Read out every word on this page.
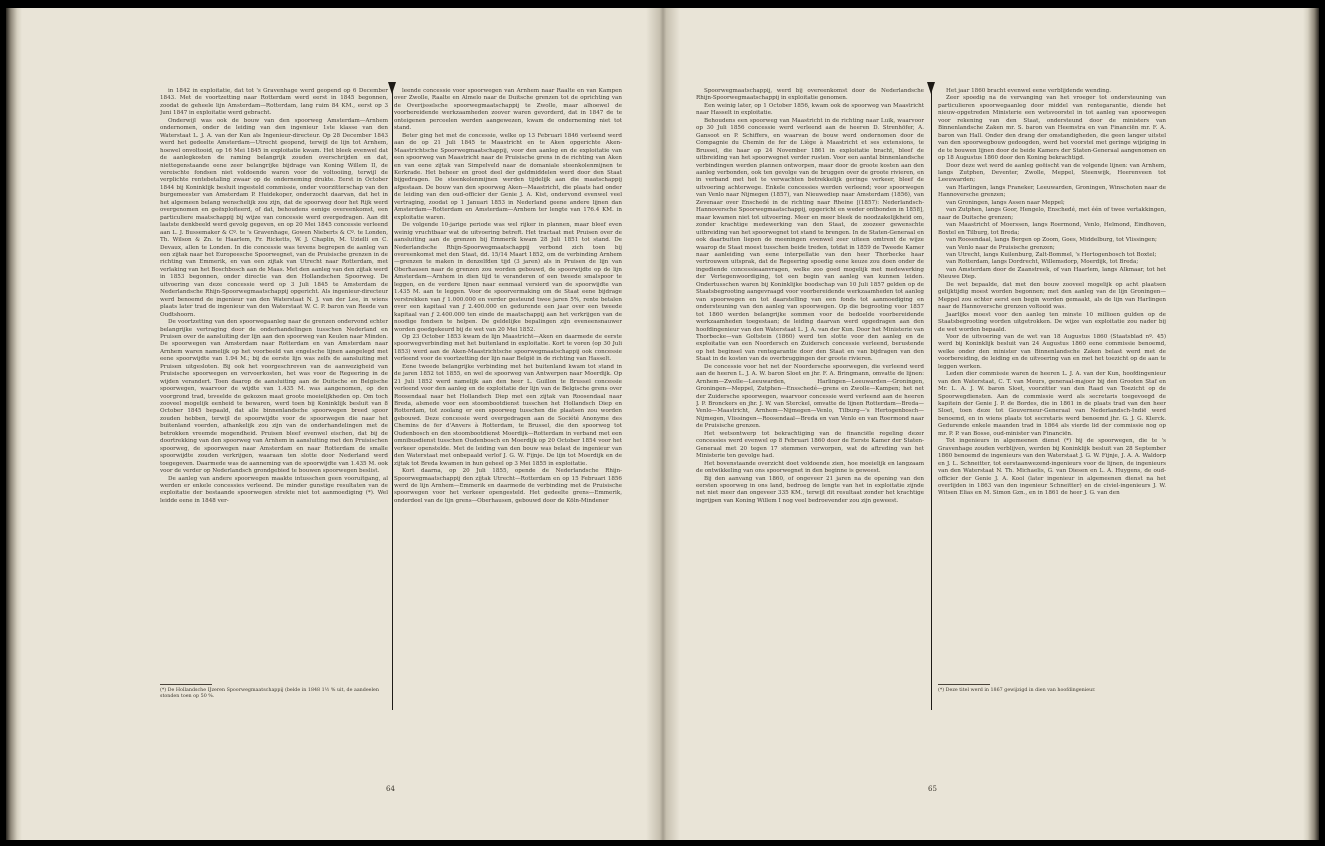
in 1842 in exploitatie, dat tot 's Gravenhage werd geopend op 6 December 1843. Met de voortzetting naar Rotterdam werd eerst in 1845 begonnen, zoodat de geheele lijn Amsterdam—Rotterdam, lang ruim 84 KM., eerst op 3 Juni 1847 in exploitatie werd gebracht.

Onderwijl was ook de bouw van den spoorweg Amsterdam—Arnhem ondernomen, onder de leiding van den ingenieur 1ste klasse van den Waterstaat L. J. A. van der Kun als Ingenieur-directeur. Op 28 December 1843 werd het gedeelte Amsterdam—Utrecht geopend, terwijl de lijn tot Arnhem, hoewel onvoltooid, op 16 Mei 1845 in exploitatie kwam. Het bleek evenwel dat de aanlegkosten de raming belangrijk zouden overschrijden en dat, niettegenstaande eene zeer belangrijke bijdrage van Koning Willem II, de vereischte fondsen niet voldoende waren voor de voltooiing, terwijl de verplichte rentebetaling zwaar op de onderneming drukte. Eerst in October 1844 bij Koninklijk besluit ingesteld commissie, onder voorzitterschap van den burgemeester van Amsterdam P. Huidekoper, onderzocht daarvan, dat het in het algemeen belang wenschelijk zou zijn, dat de spoorweg door het Rijk werd overgenomen en geëxploiteerd, of dat, behoudens eenige overeenkomst, een particuliere maatschappij bij wijze van concessie werd overgedragen. Aan dit laatste denkbeeld werd gevolg gegeven, en op 20 Mei 1845 concessie verleend aan L. J. Bussemaker & Cº. te 's Gravenhage, Gowen Nieberts & Cº. te Londen, Th. Wilson & Zn. te Haarlem, Fr. Ricketts, W. J. Chaplin, M. Uzielli en C. Devaux, allen te Londen. In die concessie was tevens begrepen de aanleg van een zijtak naar het Europeesche Spoorwegnet, van de Pruisische grenzen in de richting van Emmerik, en van een zijtak van Utrecht naar Rotterdam, met verlaking van het Boschbosch aan de Maas. Met den aanleg van den zijtak werd in 1853 begonnen, onder directie van den Hollandschen Spoorweg. De uitvoering van deze concessie werd op 3 Juli 1845 te Amsterdam de Nederlandsche Rhijn-Spoorwegmaatschappij opgericht. Als ingenieur-directeur werd benoemd de ingenieur van den Waterstaat N. J. van der Lee, in wiens plaats later trad de ingenieur van den Waterstaat W. C. P. baron van Reede van Oudtshoorn.

De voortzetting van den spoorwegaanleg naar de grenzen ondervond echter belangrijke vertraging door de onderhandelingen tusschen Nederland en Pruisen over de aansluiting der lijn aan den spoorweg van Keulen naar Minden. De spoorwegen van Amsterdam naar Rotterdam en van Amsterdam naar Arnhem waren namelijk op het voorbeeld van engelsche lijnen aangelegd met eene spoorwijdte van 1.94 M.; bij de eerste lijn was zelfs de aansluiting met Pruisen uitgesloten. Bij ook het voorgeschreven van de aanwezigheid van Pruisische spoorwegen en vervoerkosten, het was voor de Regeering in de wijden verandert. Toen daarop de aansluiting aan de Duitsche en Belgische spoorwegen, waarvoor de wijdte van 1.435 M. was aangenomen, op den voorgrond trad, teveelde de gekozen maat groote moeielijkheden op. Om toch zooveel mogelijk eenheid te bewaren, werd toen bij Koninklijk besluit van 8 October 1845 bepaald, dat alle binnenlandsche spoorwegen breed spoor zouden hebben, terwijl de spoorwijdte voor de spoorwegen die naar het buitenland voerden, afhankelijk zou zijn van de onderhandelingen met de betrokken vreemde mogendheid. Pruisen bleef evenwel eischen, dat bij de doortrekking van den spoorweg van Arnhem in aansluiting met den Pruisischen spoorweg, de spoorwegen naar Amsterdam en naar Rotterdam de smalle spoorwijdte zouden verkrijgen, waaraan ten slotte door Nederland werd toegegeven. Daarmede was de aanneming van de spoorwijdte van 1.435 M. ook voor de verder op Nederlandsch grondgebied te bouwen spoorwegen beslist.

De aanleg van andere spoorwegen maakte intusschen geen vooruitgang, al werden er enkele concessies verleend. De minder gunstige resultaten van de exploitatie der bestaande spoorwegen strekte niet tot aanmoediging (*). Wel leidde eene in 1848 ver-

leende concessie voor spoorwegen van Arnhem naar Raalte en van Kampen over Zwolle, Raalte en Almelo naar de Duitsche grenzen tot de oprichting van de Overijsselsche spoorwegmaatschappij te Zwolle, maar alhoewel de voorbereidende werkzaamheden zoover waren gevorderd, dat in 1847 de te onteigenen perceelen werden aangewezen, kwam de onderneming niet tot stand.

Beter ging het met de concessie, welke op 13 Februari 1846 verleend werd aan de op 21 Juli 1845 te Maastricht en te Aken opgerichte Aken-Maastrichtsche Spoorwegmaatschappij, voor den aanleg en de exploitatie van een spoorweg van Maastricht naar de Pruisische grens in de richting van Aken en van eene zijtak van Simpelveld naar de domaniale steenkolenmijnen te Kerkrade. Het beheer en groot deel der geldmiddelen werd door den Staat bijgedragen. De steenkolenmijnen werden tijdelijk aan die maatschappij afgestaan. De bouw van den spoorweg Aken—Maastricht, die plaats had onder de leiding van den oud-officier der Genie J. A. Kist, ondervond evenwel veel vertraging, zoodat op 1 Januari 1853 in Nederland geene andere lijnen dan Amsterdam—Rotterdam en Amsterdam—Arnhem ter lengte van 176.4 KM. in exploitatie waren.

De volgende 10-jarige periode was wel rijker in plannen, maar bleef even weinig vruchtbaar wat de uitvoering betreft. Het tractaat met Pruisen over de aansluiting aan de grenzen bij Emmerik kwam 28 Juli 1851 tot stand. De Nederlandsche Rhijn-Spoorwegmaatschappij verbond zich toen bij overeenkomst met den Staat, dd. 15/14 Maart 1852, om de verbinding Arnhem—grenzen te maken in denzelfden tijd (3 jaren) als in Pruisen de lijn van Oberhausen naar de grenzen zou worden gebouwd, de spoorwijdte op de lijn Amsterdam—Arnhem in dien tijd te veranderen of een tweede smalspoor te leggen, en de verdere lijnen naar eenmaal versierd van de spoorwijdte van 1.435 M. aan te leggen. Voor de spoorvermaking om de Staat eene bijdrage verstrekken van ƒ 1.000.000 en verder gesteund twee jaren 5%, rente betalen over een kapitaal van ƒ 2.400.000 en gedurende een jaar over een tweede kapitaal van ƒ 2.400.000 ten einde de maatschappij aan het verkrijgen van de noodige fondsen te helpen. De geldelijke bepalingen zijn eveneensnauwer worden goedgekeurd bij de wet van 20 Mei 1852.

Op 23 October 1853 kwam de lijn Maastricht—Aken en daarmede de eerste spoorwegverbinding met het buitenland in exploitatie. Kort te voren (op 30 Juli 1853) werd aan de Aken-Maastrichtsche spoorwegmaatschappij ook concessie verleend voor de voortzetting der lijn naar België in de richting van Hasselt.

Eene tweede belangrijke verbinding met het buitenland kwam tot stand in de jaren 1852 tot 1855, en wel de spoorweg van Antwerpen naar Moerdijk. Op 21 Juli 1852 werd namelijk aan den heer L. Guillon te Brussel concessie verleend voor den aanleg en de exploitatie der lijn van de Belgische grens over Roosendaal naar het Hollandsch Diep met een zijtak van Roosendaal naar Breda, alsmede voor een stoombootdienst tusschen het Hollandsch Diep en Rotterdam, tot zoolang er een spoorweg tusschen die plaatsen zou worden gebouwd. Deze concessie werd overgedragen aan de Société Anonyme des Chemins de fer d'Anvers à Rotterdam, te Brussel, die den spoorweg tot Oudenbosch en den stoombootdienst Moerdijk—Rotterdam in verband met een omnibusdienst tusschen Oudenbosch en Moerdijk op 20 October 1854 voor het verkeer openstelde. Met de leiding van den bouw was belast de ingenieur van den Waterstaat met onbepaald verlof J. G. W. Fijnje. De lijn tot Moerdijk en de zijtak tot Breda kwamen in hun geheel op 3 Mei 1855 in exploitatie.

Kort daarna, op 20 Juli 1855, opende de Nederlandsche Rhijn-Spoorwegmaatschappij den zijtak Utrecht—Rotterdam en op 15 Februari 1856 werd de lijn Arnhem—Emmerik en daarmede de verbinding met de Pruisische spoorwegen voor het verkeer opengesteld. Het gedeelte grens—Emmerik, onderdeel van de lijn grens—Oberhausen, gebouwd door de Köln-Mindener

(*) De Hollandsche IJzeren Spoorwegmaatschappij (belde in 1848 1½ % uit, de aandeelen stonden toen op 50 %.
64

Spoorwegmaatschappij, werd bij overeenkomst door de Nederlandsche Rhijn-Spoorwegmaatschappij in exploitatie genomen.

Een weinig later, op 1 October 1856, kwam ook de spoorweg van Maastricht naar Hasselt in exploitatie.

Behoudens een spoorweg van Maastricht in de richting naar Luik, waarvoor op 30 Juli 1856 concessie werd verleend aan de heeren D. Strenhöfer, A. Gansoot en P. Schiffers, en waarvan de bouw werd ondernomen door de Compagnie du Chemin de fer de Liège à Maastricht et ses extensions, te Brussel, die haar op 24 November 1861 in exploitatie bracht, bleef de uitbreiding van het spoorwegnet verder rusten. Voor een aantal binnenlandsche verbindingen werden plannen ontworpen, maar door de groote kosten aan den aanleg verbonden, ook ten gevolge van de bruggen over de groote rivieren, en in verband met het te verwachten betrekkelijk geringe verkeer, bleef de uitvoering achterwege. Enkele concessies werden verleend; voor spoorwegen van Venlo naar Nijmegen (1857), van Nieuwediep naar Amsterdam (1856), van Zevenaar over Enschedé in de richting naar Rheine [(1857): Nederlandsch-Hannoversche Spoorwegmaatschappij, opgericht en weder ontbonden in 1858], maar kwamen niet tot uitvoering. Meer en meer bleek de noodzakelijkheid om, zonder krachtige medewerking van den Staat, de zoozeer gewenschte uitbreiding van het spoorwegnet tot stand te brengen. In de Staten-Generaal en ook daarbuiten liepen de meeningen evenwel zeer uiteen omtrent de wijze waarop de Staat moest tusschen beide treden, totdat in 1859 de Tweede Kamer naar aanleiding van eene interpellatie van den heer Thorbecke haar vertrouwen uitsprak, dat de Regeering spoedig eene keuze zou doen onder de ingediende concessieaanvragen, welke zoo goed mogelijk met medewerking der Vertegenwoordiging, tot een begin van aanleg van kunnen leiden. Ondertusschen waren bij Koninklijke boodschap van 10 Juli 1857 gelden op de Staatsbegrooting aangevraagd voor voorbereidende werkzaamheden tot aanleg van spoorwegen en tot daarstelling van een fonds tot aanmoediging en ondersteuning van den aanleg van spoorwegen. Op die begrooting voor 1857 tot 1860 werden belangrijke sommen voor de bedoelde voorbereidende werkzaamheden toegestaan; de leiding daarvan werd opgedragen aan den hoofdingenieur van den Waterstaat L. J. A. van der Kun. Door het Ministerie van Thorbecke—van Goltstein (1860) werd ten slotte voor den aanleg en de exploitatie van een Noordersch en Zuidersch concessie verleend, berustende op het beginsel van rentegarantie door den Staat en van bijdragen van den Staat in de kosten van de overbruggingen der groote rivieren.

De concessie voor het net der Noordersche spoorwegen, die verleend werd aan de heeren L. J. A. W. baron Sloet en jhr. F. A. Bringmann, omvatte de lijnen: Arnhem—Zwolle—Leeuwarden, Harlingen—Leeuwarden—Groningen, Groningen—Meppel, Zutphen—Ensschedé—grens en Zwolle—Kampen; het net der Zuidersche spoorwegen, waarvoor concessie werd verleend aan de heeren J. P. Bronckers en jhr. J. W. van Sterckel, omvatte de lijnen Rotterdam—Breda—Venlo—Maastricht, Arnhem—Nijmegen—Venlo, Tilburg—'s Hertogenbosch—Nijmegen, Vlissingen—Roosendaal—Breda en van Venlo en van Roermond naar de Pruisische grenzen.

Het wetsontwerp tot bekrachtiging van de financiële regeling dezer concessies werd evenwel op 8 Februari 1860 door de Eerste Kamer der Staten-Generaal met 20 tegen 17 stemmen verworpen, wat de aftreding van het Ministerie ten gevolge had.

Het bovenstaande overzicht doet voldoende zien, hoe moeielijk en langzaam de ontwikkeling van ons spoorwegnet in den beginne is geweest.

Bij den aanvang van 1860, of ongeveer 21 jaren na de opening van den eersten spoorweg in ons land, bedroeg de lengte van het in exploitatie zijnde net niet meer dan ongeveer 335 KM., terwijl dit resultaat zonder het krachtige ingrijpen van Koning Willem I nog veel bedroevender zou zijn geweest.

Het jaar 1860 bracht evenwel eene verblijdende wending.

Zeer spoedig na de vervanging van het vroeger tot ondersteuning van particulieren spoorwegaanleg door middel van rentegarantie, diende het nieuw-opgetreden Ministerie een wetsvoorstel in tot aanleg van spoorwegen voor rekening van den Staat, ondersteund door de ministers van Binnenlandsche Zaken mr. S. baron van Heemstra en van Financiën mr. F. A. baron van Hall. Onder den drang der omstandigheden, die geen langer uitstel van den spoorwegbouw gedoogden, werd het voorstel met geringe wijziging in de te bouwen lijnen door de beide Kamers der Staten-Generaal aangenomen en op 18 Augustus 1860 door den Koning bekrachtigd.

Door deze wet werd de aanleg geëischt van de volgende lijnen: van Arnhem, langs Zutphen, Deventer, Zwolle, Meppel, Steenwijk, Heerenveen tot Leeuwarden;

van Harlingen, langs Franeker, Leeuwarden, Groningen, Winschoten naar de Hannoversche grenzen;

van Groningen, langs Assen naar Meppel;

van Zutphen, langs Goor, Hengelo, Enschedé, met één of twee vertakkingen, naar de Duitsche grenzen;

van Maastricht of Moerssen, langs Roermond, Venlo, Helmond, Eindhoven, Boxtel en Tilburg, tot Breda;

van Roosendaal, langs Bergen op Zoom, Goes, Middelburg, tot Vlissingen;

van Venlo naar de Pruisische grenzen;

van Utrecht, langs Kuilenburg, Zalt-Bommel, 's Hertogenbosch tot Boxtel;

van Rotterdam, langs Dordrecht, Willemsdorp, Moerdijk, tot Breda;

van Amsterdam door de Zaanstreek, of van Haarlem, langs Alkmaar, tot het Nieuwe Diep.

De wet bepaalde, dat met den bouw zooveel mogelijk op acht plaatsen gelijktijdig moest worden begonnen; met den aanleg van de lijn Groningen—Meppel zou echter eerst een begin worden gemaakt, als de lijn van Harlingen naar de Hannoversche grenzen voltooid was.

Jaarlijks moest voor den aanleg ten minste 10 millioen gulden op de Staatsbegrooting worden uitgetrokken. De wijze van exploitatie zou nader bij de wet worden bepaald.

Voor de uitvoering van de wet van 18 Augustus 1860 (Staatsblad nº. 45) werd bij Koninklijk besluit van 24 Augustus 1860 eene commissie benoemd, welke onder den minister van Binnenlandsche Zaken belast werd met de voorbereiding, de leiding en de uitvoering van en met het toezicht op de aan te leggen werken.

Leden dier commissie waren de heeren L. J. A. van der Kun, hoofdingenieur van den Waterstaat, C. T. van Meurs, generaal-majoor bij den Grooten Staf en Mr. L. A. J. W. baron Sloet, voorzitter van den Raad van Toezicht op de Spoorwegdiensten. Aan de commissie werd als secretaris toegevoegd de kapitein der Genie J. P. de Bordes, die in 1861 in de plaats trad van den heer Sloet, toen deze tot Gouverneur-Generaal van Nederlandsch-Indië werd benoemd, en in wiens plaats tot secretaris werd benoemd jhr. G. J. G. Klerck. Gedurende enkele maanden trad in 1864 als vierde lid der commissie nog op mr. P. P. van Bosse, oud-minister van Financiën.

Tot ingenieurs in algemeenen dienst (*) bij de spoorwegen, die te 's Gravenhage zouden verblijven, werden bij Koninklijk besluit van 28 September 1860 benoemd de ingenieurs van den Waterstaat J. G. W. Fijnje, J. A. A. Waldorp en J. L. Schneitter, tot eerstaanwezend-ingenieurs voor de lijnen, de ingenieurs van den Waterstaat N. Th. Michaelis, G. van Diesen en L. A. Huygens, de oud-officier der Genie J. A. Kool (later ingenieur in algemeenen dienst na het overlijden in 1863 van den ingenieur Schneitter) en de civiel-ingenieurs J. W. Witsen Elias en M. Simon Gzn., en in 1861 de heer J. G. van den

(*) Deze titel werd in 1867 gewijzigd in dien van hoofdingenieur.
65
